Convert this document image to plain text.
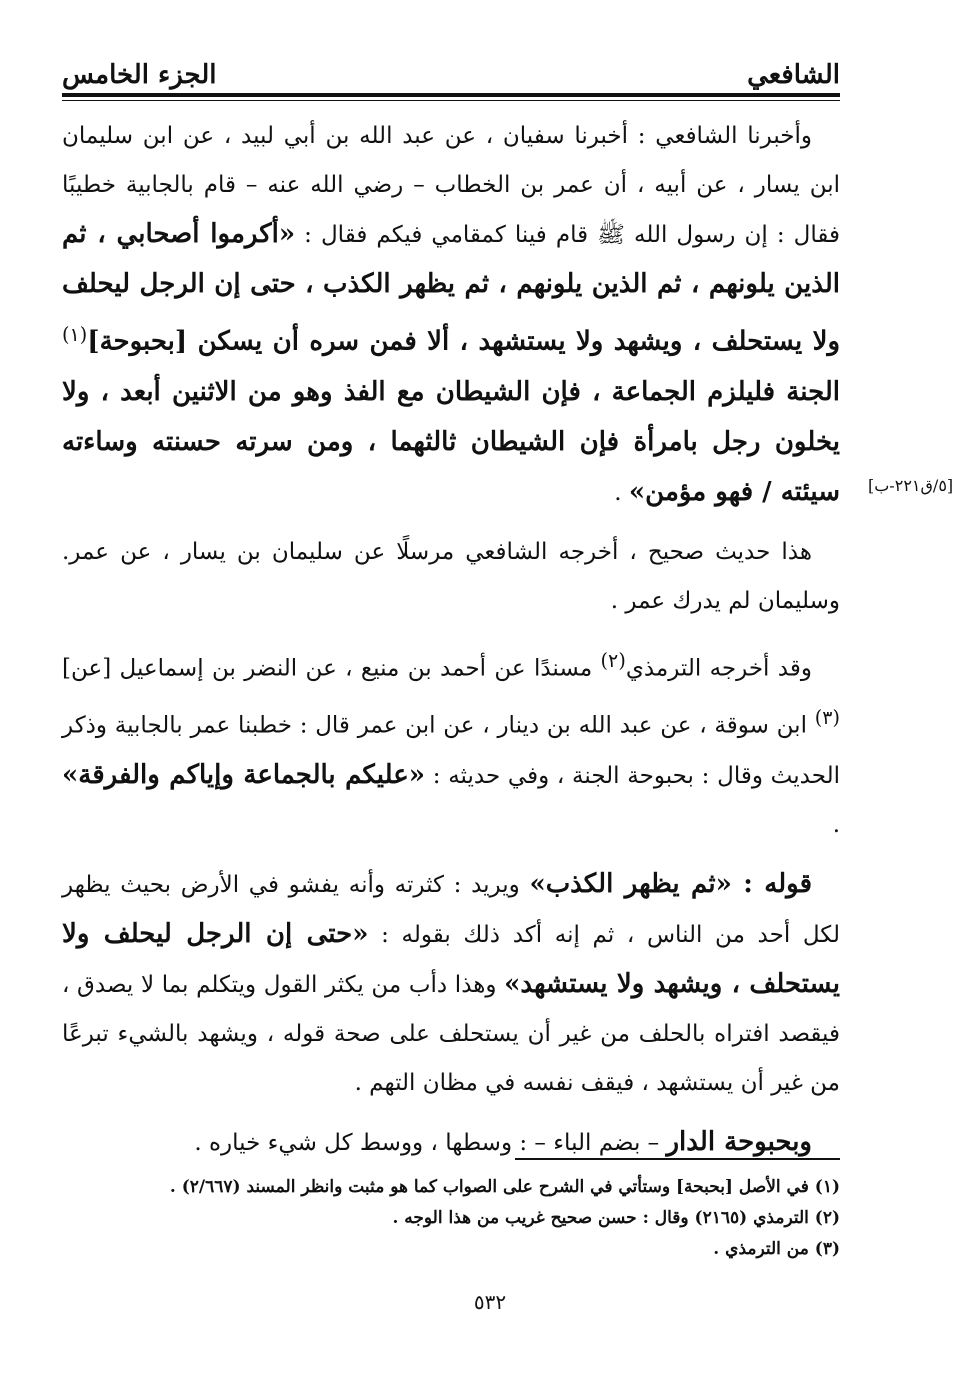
الجزء الخامس	الشافعي
[٥/ق٢٢١-ب]

وأخبرنا الشافعي : أخبرنا سفيان ، عن عبد الله بن أبي لبيد ، عن ابن سليمان ابن يسار ، عن أبيه ، أن عمر بن الخطاب – رضي الله عنه – قام بالجابية خطيبًا فقال : إن رسول الله ﷺ قام فينا كمقامي فيكم فقال : «أكرموا أصحابي ، ثم الذين يلونهم ، ثم الذين يلونهم ، ثم يظهر الكذب ، حتى إن الرجل ليحلف ولا يستحلف ، ويشهد ولا يستشهد ، ألا فمن سره أن يسكن [بحبوحة]$^{(١)}$ الجنة فليلزم الجماعة ، فإن الشيطان مع الفذ وهو من الاثنين أبعد ، ولا يخلون رجل بامرأة فإن الشيطان ثالثهما ، ومن سرته حسنته وساءته سيئته / فهو مؤمن» .

هذا حديث صحيح ، أخرجه الشافعي مرسلًا عن سليمان بن يسار ، عن عمر. وسليمان لم يدرك عمر .

وقد أخرجه الترمذي$^{(٢)}$ مسندًا عن أحمد بن منيع ، عن النضر بن إسماعيل [عن]$^{(٣)}$ ابن سوقة ، عن عبد الله بن دينار ، عن ابن عمر قال : خطبنا عمر بالجابية وذكر الحديث وقال : بحبوحة الجنة ، وفي حديثه : «عليكم بالجماعة وإياكم والفرقة» .

قوله : «ثم يظهر الكذب» ويريد : كثرته وأنه يفشو في الأرض بحيث يظهر لكل أحد من الناس ، ثم إنه أكد ذلك بقوله : «حتى إن الرجل ليحلف ولا يستحلف ، ويشهد ولا يستشهد» وهذا دأب من يكثر القول ويتكلم بما لا يصدق ، فيقصد افتراه بالحلف من غير أن يستحلف على صحة قوله ، ويشهد بالشيء تبرعًا من غير أن يستشهد ، فيقف نفسه في مظان التهم .

وبحبوحة الدار – بضم الباء – : وسطها ، ووسط كل شيء خياره .

(١) في الأصل [بحبحة] وستأتي في الشرح على الصواب كما هو مثبت وانظر المسند (٢/٦٦٧) .
(٢) الترمذي (٢١٦٥) وقال : حسن صحيح غريب من هذا الوجه .
(٣) من الترمذي .
٥٣٢
